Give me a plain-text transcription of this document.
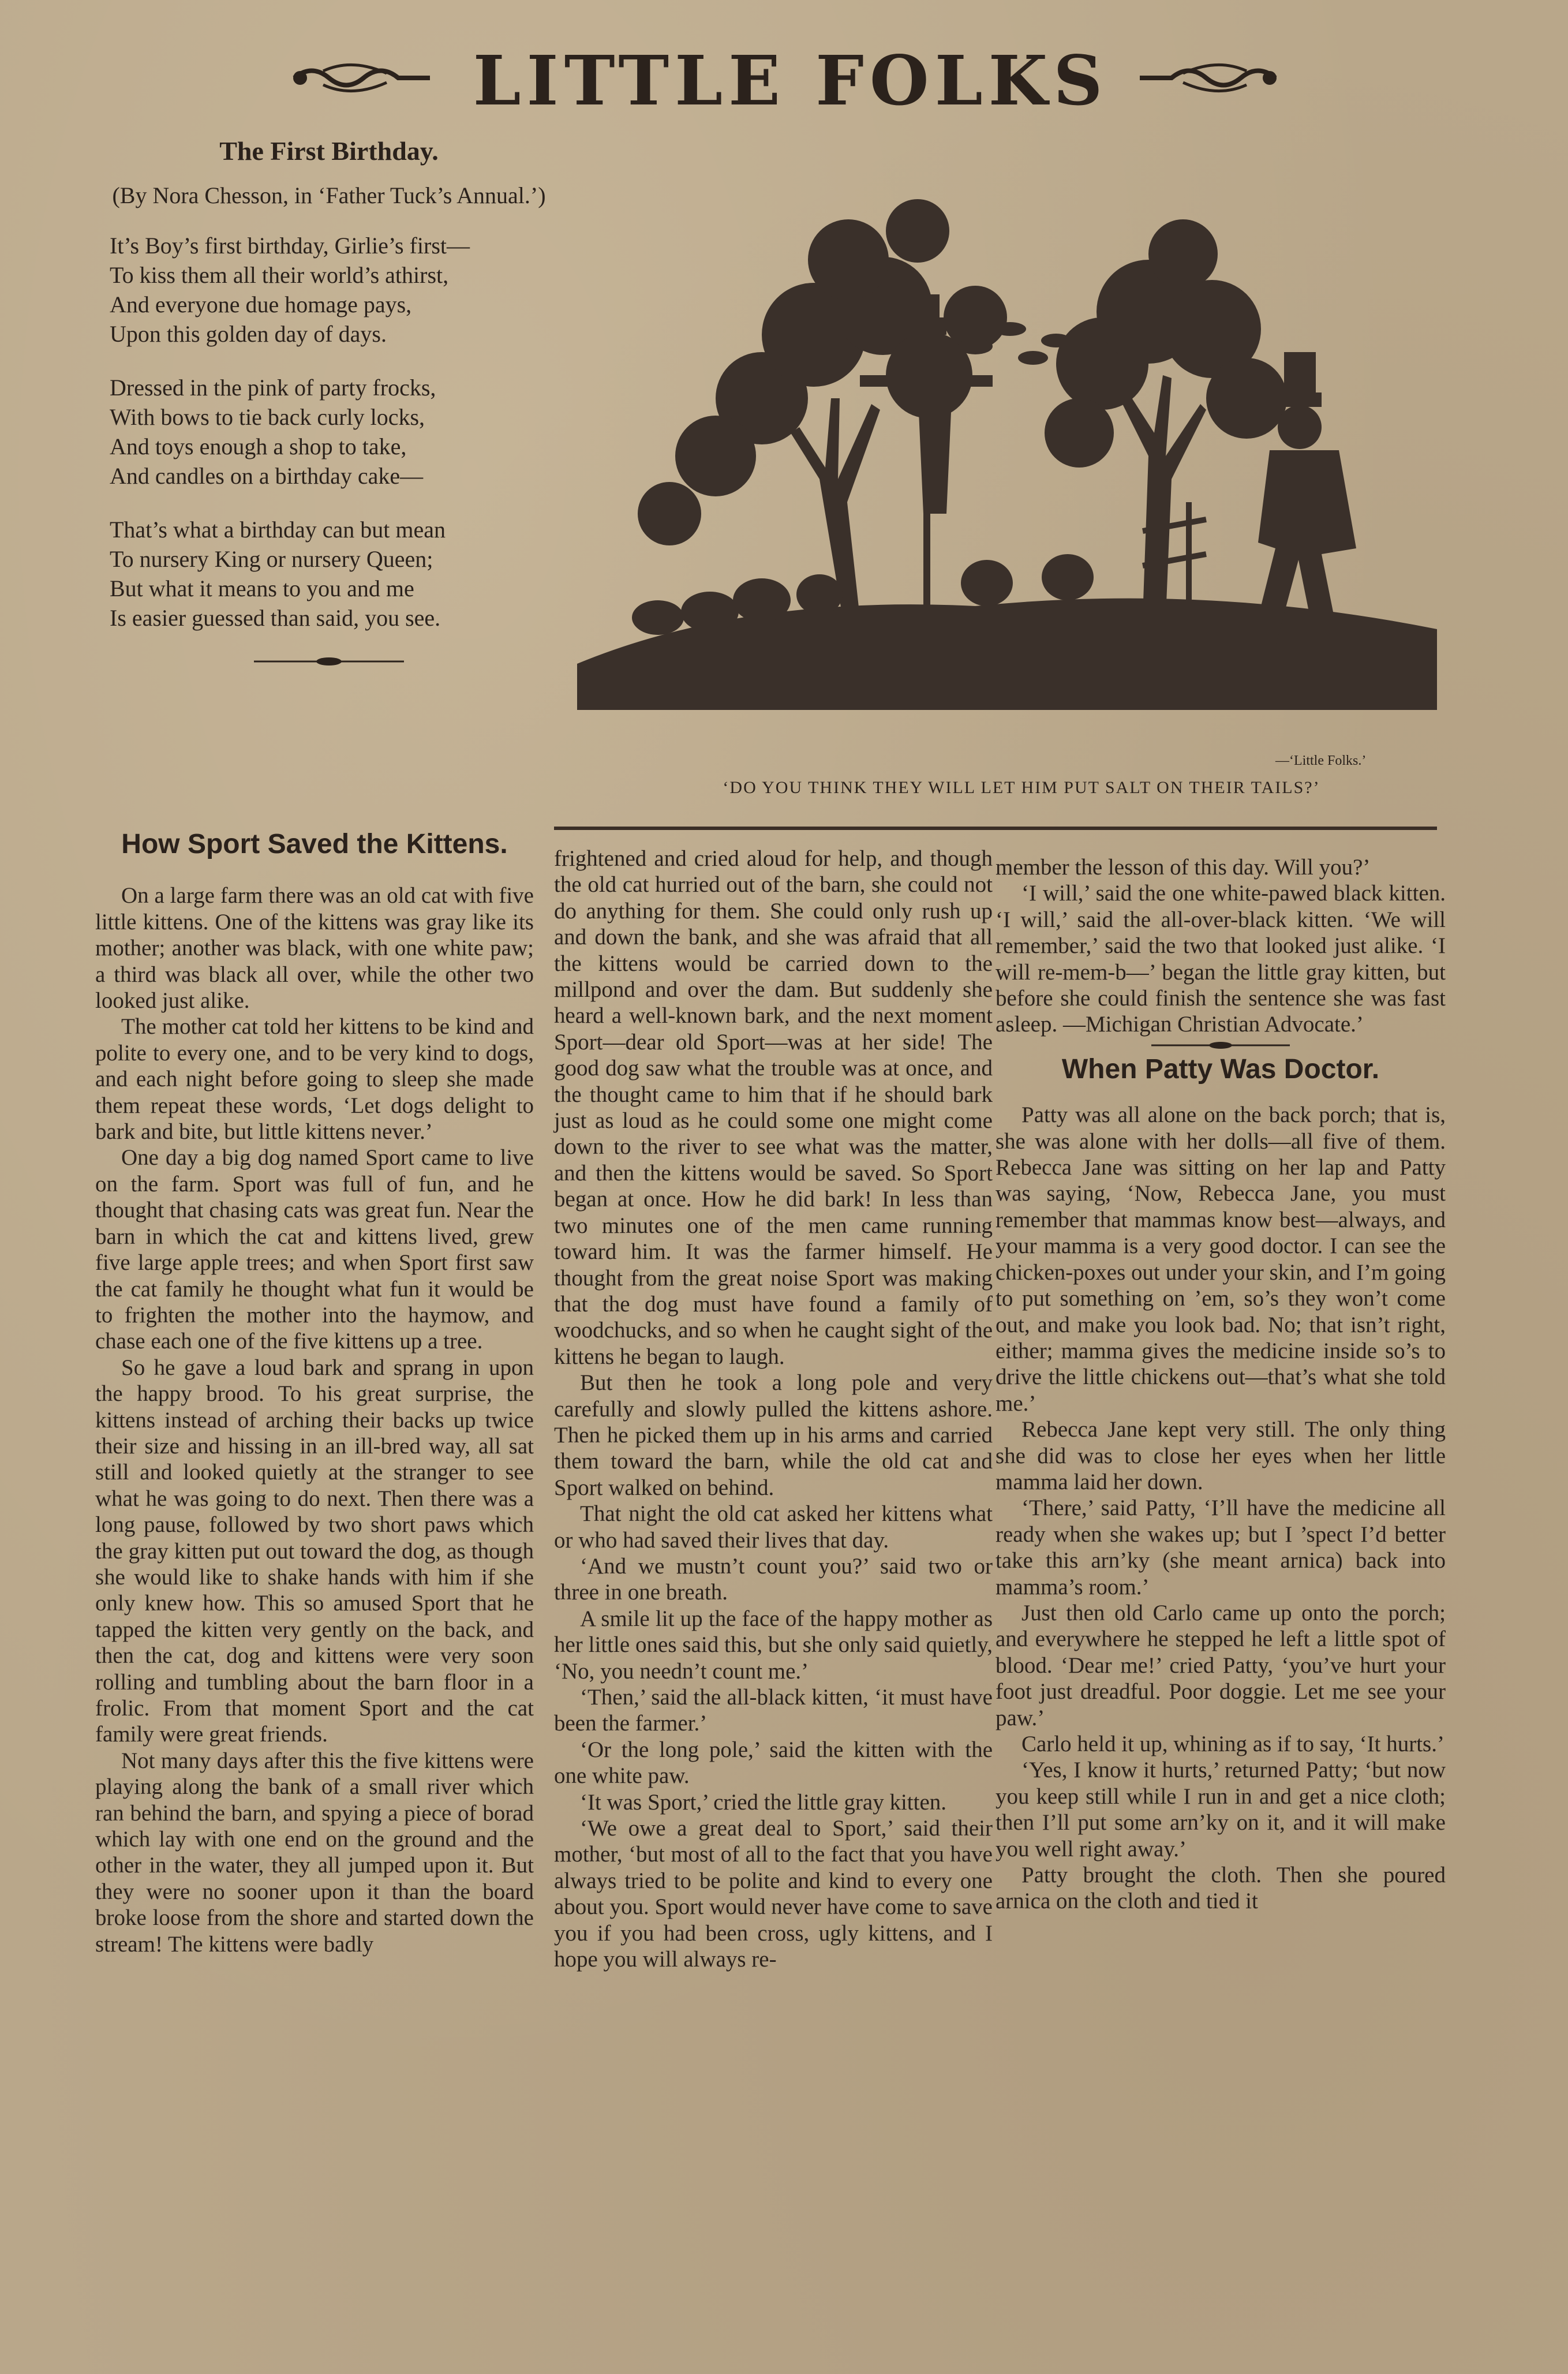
LITTLE FOLKS
The First Birthday.
(By Nora Chesson, in ‘Father Tuck’s Annual.’)
It’s Boy’s first birthday, Girlie’s first—
To kiss them all their world’s athirst,
And everyone due homage pays,
Upon this golden day of days.
Dressed in the pink of party frocks,
With bows to tie back curly locks,
And toys enough a shop to take,
And candles on a birthday cake—
That’s what a birthday can but mean
To nursery King or nursery Queen;
But what it means to you and me
Is easier guessed than said, you see.
—‘Little Folks.’
‘DO YOU THINK THEY WILL LET HIM PUT SALT ON THEIR TAILS?’
How Sport Saved the Kittens.

On a large farm there was an old cat with five little kittens. One of the kittens was gray like its mother; another was black, with one white paw; a third was black all over, while the other two looked just alike.

The mother cat told her kittens to be kind and polite to every one, and to be very kind to dogs, and each night before going to sleep she made them repeat these words, ‘Let dogs delight to bark and bite, but little kittens never.’

One day a big dog named Sport came to live on the farm. Sport was full of fun, and he thought that chasing cats was great fun. Near the barn in which the cat and kittens lived, grew five large apple trees; and when Sport first saw the cat family he thought what fun it would be to frighten the mother into the haymow, and chase each one of the five kittens up a tree.

So he gave a loud bark and sprang in upon the happy brood. To his great surprise, the kittens instead of arching their backs up twice their size and hissing in an ill-bred way, all sat still and looked quietly at the stranger to see what he was going to do next. Then there was a long pause, followed by two short paws which the gray kitten put out toward the dog, as though she would like to shake hands with him if she only knew how. This so amused Sport that he tapped the kitten very gently on the back, and then the cat, dog and kittens were very soon rolling and tumbling about the barn floor in a frolic. From that moment Sport and the cat family were great friends.

Not many days after this the five kittens were playing along the bank of a small river which ran behind the barn, and spying a piece of borad which lay with one end on the ground and the other in the water, they all jumped upon it. But they were no sooner upon it than the board broke loose from the shore and started down the stream! The kittens were badly

frightened and cried aloud for help, and though the old cat hurried out of the barn, she could not do anything for them. She could only rush up and down the bank, and she was afraid that all the kittens would be carried down to the millpond and over the dam. But suddenly she heard a well-known bark, and the next moment Sport—dear old Sport—was at her side! The good dog saw what the trouble was at once, and the thought came to him that if he should bark just as loud as he could some one might come down to the river to see what was the matter, and then the kittens would be saved. So Sport began at once. How he did bark! In less than two minutes one of the men came running toward him. It was the farmer himself. He thought from the great noise Sport was making that the dog must have found a family of woodchucks, and so when he caught sight of the kittens he began to laugh.

But then he took a long pole and very carefully and slowly pulled the kittens ashore. Then he picked them up in his arms and carried them toward the barn, while the old cat and Sport walked on behind.

That night the old cat asked her kittens what or who had saved their lives that day.

‘And we mustn’t count you?’ said two or three in one breath.

A smile lit up the face of the happy mother as her little ones said this, but she only said quietly, ‘No, you needn’t count me.’

‘Then,’ said the all-black kitten, ‘it must have been the farmer.’

‘Or the long pole,’ said the kitten with the one white paw.

‘It was Sport,’ cried the little gray kitten.

‘We owe a great deal to Sport,’ said their mother, ‘but most of all to the fact that you have always tried to be polite and kind to every one about you. Sport would never have come to save you if you had been cross, ugly kittens, and I hope you will always re-

member the lesson of this day. Will you?’

‘I will,’ said the one white-pawed black kitten. ‘I will,’ said the all-over-black kitten. ‘We will remember,’ said the two that looked just alike. ‘I will re-mem-b—’ began the little gray kitten, but before she could finish the sentence she was fast asleep. —Michigan Christian Advocate.’

When Patty Was Doctor.

Patty was all alone on the back porch; that is, she was alone with her dolls—all five of them. Rebecca Jane was sitting on her lap and Patty was saying, ‘Now, Rebecca Jane, you must remember that mammas know best—always, and your mamma is a very good doctor. I can see the chicken-poxes out under your skin, and I’m going to put something on ’em, so’s they won’t come out, and make you look bad. No; that isn’t right, either; mamma gives the medicine inside so’s to drive the little chickens out—that’s what she told me.’

Rebecca Jane kept very still. The only thing she did was to close her eyes when her little mamma laid her down.

‘There,’ said Patty, ‘I’ll have the medicine all ready when she wakes up; but I ’spect I’d better take this arn’ky (she meant arnica) back into mamma’s room.’

Just then old Carlo came up onto the porch; and everywhere he stepped he left a little spot of blood. ‘Dear me!’ cried Patty, ‘you’ve hurt your foot just dreadful. Poor doggie. Let me see your paw.’

Carlo held it up, whining as if to say, ‘It hurts.’

‘Yes, I know it hurts,’ returned Patty; ‘but now you keep still while I run in and get a nice cloth; then I’ll put some arn’ky on it, and it will make you well right away.’

Patty brought the cloth. Then she poured arnica on the cloth and tied it
